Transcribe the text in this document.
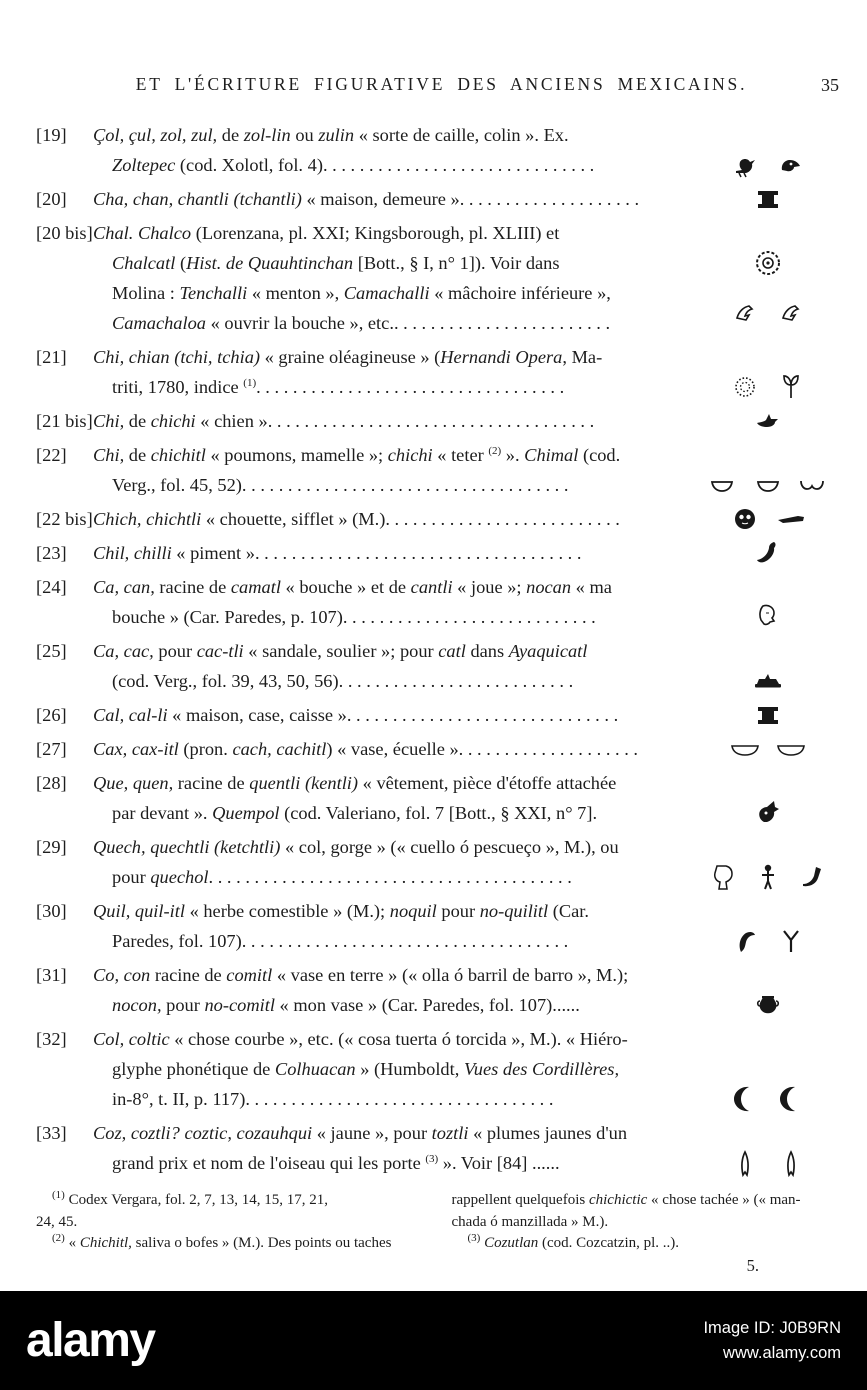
ET L'ÉCRITURE FIGURATIVE DES ANCIENS MEXICAINS.	35
[19] Çol, çul, zol, zul, de zol-lin ou zulin « sorte de caille, colin ». Ex.
Zoltepec (cod. Xolotl, fol. 4)..............................
[20] Cha, chan, chantli (tchantli) « maison, demeure »....................
[20 bis]Chal. Chalco (Lorenzana, pl. XXI; Kingsborough, pl. XLIII) et
Chalcatl (Hist. de Quauhtinchan [Bott., § I, n° 1]). Voir dans
Molina : Tenchalli « menton », Camachalli « mâchoire inférieure »,
Camachaloa « ouvrir la bouche », etc.........................
[21] Chi, chian (tchi, tchia) « graine oléagineuse » (Hernandi Opera, Ma-
triti, 1780, indice $^{(1)}$..................................
[21 bis]Chi, de chichi « chien »....................................
[22] Chi, de chichitl « poumons, mamelle »; chichi « teter $^{(2)}$ ». Chimal (cod.
Verg., fol. 45, 52)....................................
[22 bis]Chich, chichtli « chouette, sifflet » (M.)..........................
[23] Chil, chilli « piment »....................................
[24] Ca, can, racine de camatl « bouche » et de cantli « joue »; nocan « ma
bouche » (Car. Paredes, p. 107)............................
[25] Ca, cac, pour cac-tli « sandale, soulier »; pour catl dans Ayaquicatl
(cod. Verg., fol. 39, 43, 50, 56)..........................
[26] Cal, cal-li « maison, case, caisse »..............................
[27] Cax, cax-itl (pron. cach, cachitl) « vase, écuelle »....................
[28] Que, quen, racine de quentli (kentli) « vêtement, pièce d'étoffe attachée
par devant ». Quempol (cod. Valeriano, fol. 7 [Bott., § XXI, n° 7].
[29] Quech, quechtli (ketchtli) « col, gorge » (« cuello ó pescueço », M.), ou
pour quechol........................................
[30] Quil, quil-itl « herbe comestible » (M.); noquil pour no-quilitl (Car.
Paredes, fol. 107)....................................
[31] Co, con racine de comitl « vase en terre » (« olla ó barril de barro », M.);
nocon, pour no-comitl « mon vase » (Car. Paredes, fol. 107)......
[32] Col, coltic « chose courbe », etc. (« cosa tuerta ó torcida », M.). « Hiéro-
glyphe phonétique de Colhuacan » (Humboldt, Vues des Cordillères,
in-8°, t. II, p. 117)..................................
[33] Coz, coztli? coztic, cozauhqui « jaune », pour toztli « plumes jaunes d'un
grand prix et nom de l'oiseau qui les porte $^{(3)}$ ». Voir [84] ......
$^{(1)}$ Codex Vergara, fol. 2, 7, 13, 14, 15, 17, 21,
24, 45.
$^{(2)}$ « Chichitl, saliva o bofes » (M.). Des points ou taches
rappellent quelquefois chichictic « chose tachée » (« man-
chada ó manzillada » M.).
$^{(3)}$ Cozutlan (cod. Cozcatzin, pl. ..).
5.
alamy	Image ID: J0B9RN
www.alamy.com
